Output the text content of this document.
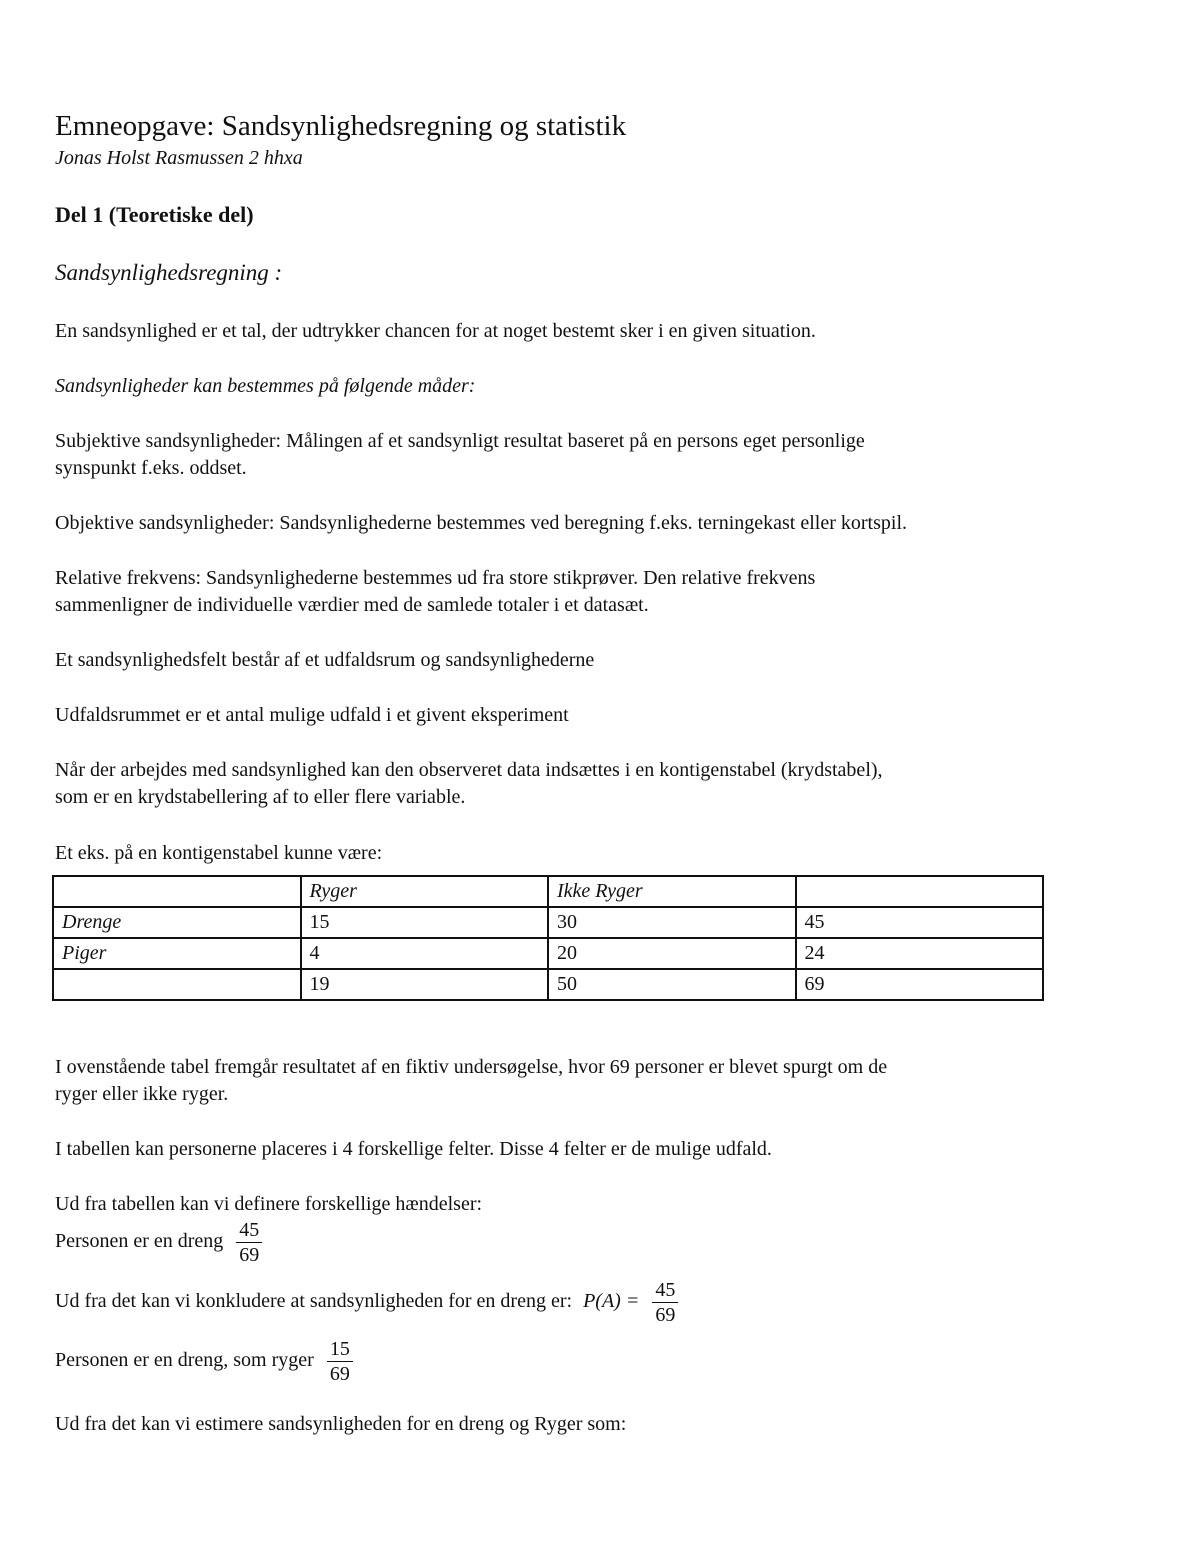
Emneopgave: Sandsynlighedsregning og statistik
Jonas Holst Rasmussen 2 hhxa
Del 1 (Teoretiske del)
Sandsynlighedsregning :
En sandsynlighed er et tal, der udtrykker chancen for at noget bestemt sker i en given situation.
Sandsynligheder kan bestemmes på følgende måder:
Subjektive sandsynligheder: Målingen af et sandsynligt resultat baseret på en persons eget personlige
synspunkt f.eks. oddset.
Objektive sandsynligheder: Sandsynlighederne bestemmes ved beregning f.eks. terningekast eller kortspil.
Relative frekvens: Sandsynlighederne bestemmes ud fra store stikprøver. Den relative frekvens
sammenligner de individuelle værdier med de samlede totaler i et datasæt.
Et sandsynlighedsfelt består af et udfaldsrum og sandsynlighederne
Udfaldsrummet er et antal mulige udfald i et givent eksperiment
Når der arbejdes med sandsynlighed kan den observeret data indsættes i en kontigenstabel (krydstabel),
som er en krydstabellering af to eller flere variable.
Et eks. på en kontigenstabel kunne være:
	Ryger	Ikke Ryger	
Drenge	15	30	45
Piger	4	20	24
	19	50	69
I ovenstående tabel fremgår resultatet af en fiktiv undersøgelse, hvor 69 personer er blevet spurgt om de
ryger eller ikke ryger.
I tabellen kan personerne placeres i 4 forskellige felter. Disse 4 felter er de mulige udfald.
Ud fra tabellen kan vi definere forskellige hændelser:
Personen er en dreng $\frac{45}{69}$
Ud fra det kan vi konkludere at sandsynligheden for en dreng er: $P(A) = \frac{45}{69}$
Personen er en dreng, som ryger $\frac{15}{69}$
Ud fra det kan vi estimere sandsynligheden for en dreng og Ryger som:
